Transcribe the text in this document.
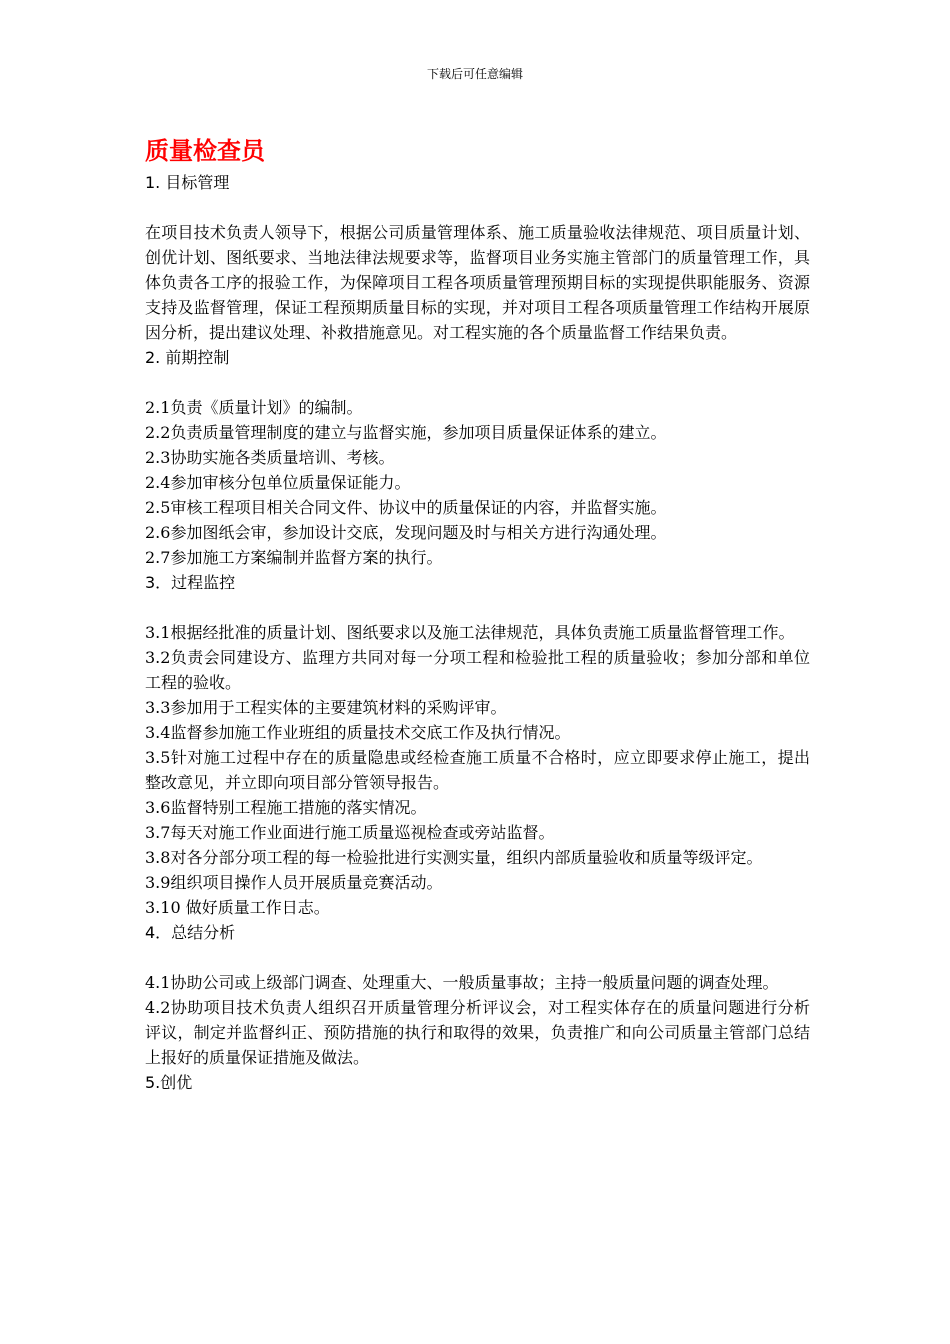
下载后可任意编辑
质量检查员
1. 目标管理

在项目技术负责人领导下，根据公司质量管理体系、施工质量验收法律规范、项目质量计划、创优计划、图纸要求、当地法律法规要求等，监督项目业务实施主管部门的质量管理工作，具体负责各工序的报验工作，为保障项目工程各项质量管理预期目标的实现提供职能服务、资源支持及监督管理，保证工程预期质量目标的实现，并对项目工程各项质量管理工作结构开展原因分析，提出建议处理、补救措施意见。对工程实施的各个质量监督工作结果负责。

2. 前期控制

2.1负责《质量计划》的编制。

2.2负责质量管理制度的建立与监督实施，参加项目质量保证体系的建立。

2.3协助实施各类质量培训、考核。

2.4参加审核分包单位质量保证能力。

2.5审核工程项目相关合同文件、协议中的质量保证的内容，并监督实施。

2.6参加图纸会审，参加设计交底，发现问题及时与相关方进行沟通处理。

2.7参加施工方案编制并监督方案的执行。

3．过程监控

3.1根据经批准的质量计划、图纸要求以及施工法律规范，具体负责施工质量监督管理工作。

3.2负责会同建设方、监理方共同对每一分项工程和检验批工程的质量验收；参加分部和单位工程的验收。

3.3参加用于工程实体的主要建筑材料的采购评审。

3.4监督参加施工作业班组的质量技术交底工作及执行情况。

3.5针对施工过程中存在的质量隐患或经检查施工质量不合格时，应立即要求停止施工，提出整改意见，并立即向项目部分管领导报告。

3.6监督特别工程施工措施的落实情况。

3.7每天对施工作业面进行施工质量巡视检查或旁站监督。

3.8对各分部分项工程的每一检验批进行实测实量，组织内部质量验收和质量等级评定。

3.9组织项目操作人员开展质量竞赛活动。

3.10 做好质量工作日志。

4．总结分析

4.1协助公司或上级部门调查、处理重大、一般质量事故；主持一般质量问题的调查处理。

4.2协助项目技术负责人组织召开质量管理分析评议会，对工程实体存在的质量问题进行分析评议，制定并监督纠正、预防措施的执行和取得的效果，负责推广和向公司质量主管部门总结上报好的质量保证措施及做法。

5.创优
